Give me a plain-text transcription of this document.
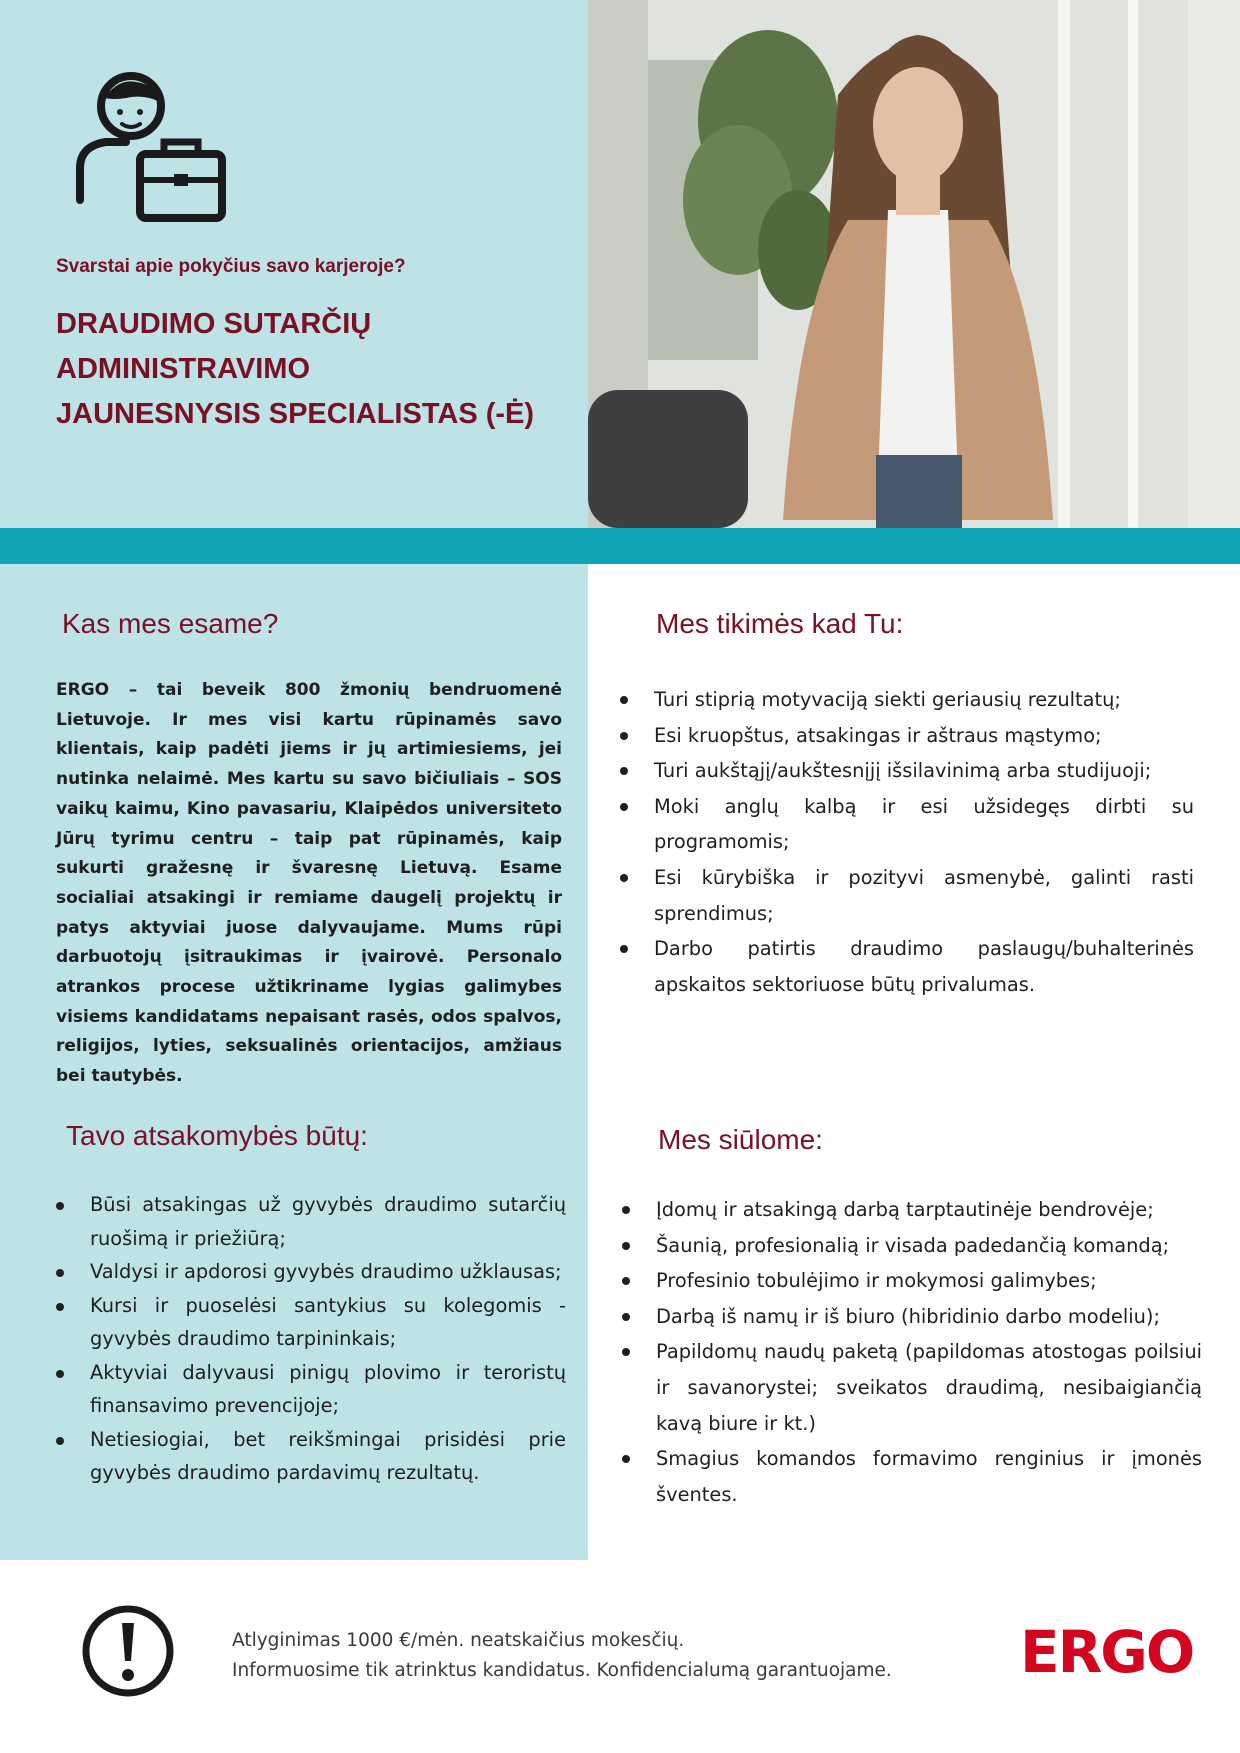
Svarstai apie pokyčius savo karjeroje?
DRAUDIMO SUTARČIŲ
ADMINISTRAVIMO
JAUNESNYSIS SPECIALISTAS (-Ė)
Kas mes esame?
ERGO – tai beveik 800 žmonių bendruomenė Lietuvoje. Ir mes visi kartu rūpinamės savo klientais, kaip padėti jiems ir jų artimiesiems, jei nutinka nelaimė. Mes kartu su savo bičiuliais – SOS vaikų kaimu, Kino pavasariu, Klaipėdos universiteto Jūrų tyrimu centru – taip pat rūpinamės, kaip sukurti gražesnę ir švaresnę Lietuvą. Esame socialiai atsakingi ir remiame daugelį projektų ir patys aktyviai juose dalyvaujame. Mums rūpi darbuotojų įsitraukimas ir įvairovė. Personalo atrankos procese užtikriname lygias galimybes visiems kandidatams nepaisant rasės, odos spalvos, religijos, lyties, seksualinės orientacijos, amžiaus bei tautybės.
Tavo atsakomybės būtų:
Būsi atsakingas už gyvybės draudimo sutarčių ruošimą ir priežiūrą;
Valdysi ir apdorosi gyvybės draudimo užklausas;
Kursi ir puoselėsi santykius su kolegomis - gyvybės draudimo tarpininkais;
Aktyviai dalyvausi pinigų plovimo ir teroristų finansavimo prevencijoje;
Netiesiogiai, bet reikšmingai prisidėsi prie gyvybės draudimo pardavimų rezultatų.
Mes tikimės kad Tu:
Turi stiprią motyvaciją siekti geriausių rezultatų;
Esi kruopštus, atsakingas ir aštraus mąstymo;
Turi aukštąjį/aukštesnįjį išsilavinimą arba studijuoji;
Moki anglų kalbą ir esi užsidegęs dirbti su programomis;
Esi kūrybiška ir pozityvi asmenybė, galinti rasti sprendimus;
Darbo patirtis draudimo paslaugų/buhalterinės apskaitos sektoriuose būtų privalumas.
Mes siūlome:
Įdomų ir atsakingą darbą tarptautinėje bendrovėje;
Šaunią, profesionalią ir visada padedančią komandą;
Profesinio tobulėjimo ir mokymosi galimybes;
Darbą iš namų ir iš biuro (hibridinio darbo modeliu);
Papildomų naudų paketą (papildomas atostogas poilsiui ir savanorystei; sveikatos draudimą, nesibaigiančią kavą biure ir kt.)
Smagius komandos formavimo renginius ir įmonės šventes.
Atlyginimas 1000 €/mėn. neatskaičius mokesčių.
Informuosime tik atrinktus kandidatus. Konfidencialumą garantuojame. ERGO
